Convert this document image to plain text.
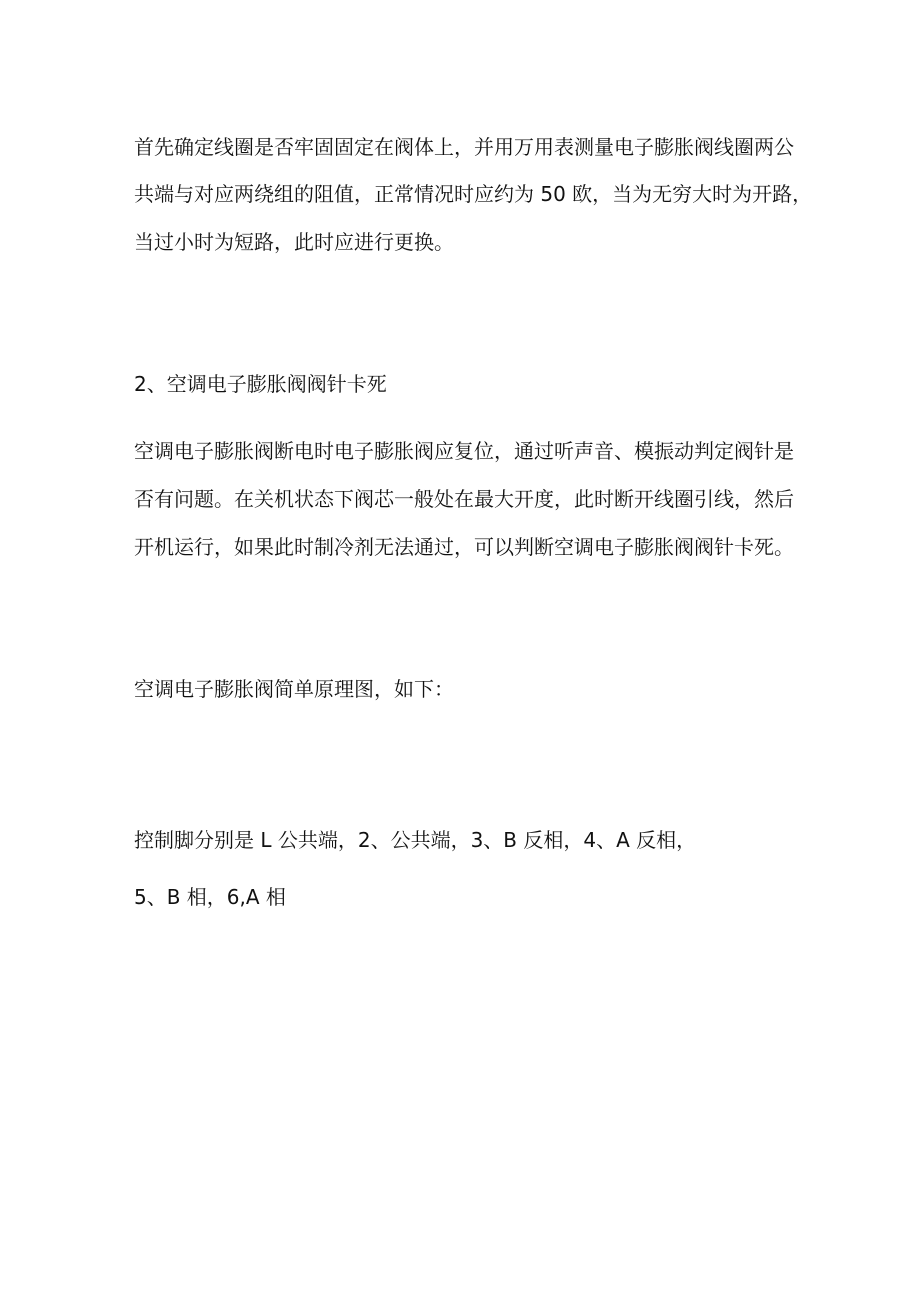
首先确定线圈是否牢固固定在阀体上，并用万用表测量电子膨胀阀线圈两公
共端与对应两绕组的阻值，正常情况时应约为 50 欧，当为无穷大时为开路，
当过小时为短路，此时应进行更换。
2、空调电子膨胀阀阀针卡死
空调电子膨胀阀断电时电子膨胀阀应复位，通过听声音、模振动判定阀针是
否有问题。在关机状态下阀芯一般处在最大开度，此时断开线圈引线，然后
开机运行，如果此时制冷剂无法通过，可以判断空调电子膨胀阀阀针卡死。
空调电子膨胀阀简单原理图，如下：
控制脚分别是 L 公共端，2、公共端，3、B 反相，4、A 反相，
5、B 相，6,A 相
